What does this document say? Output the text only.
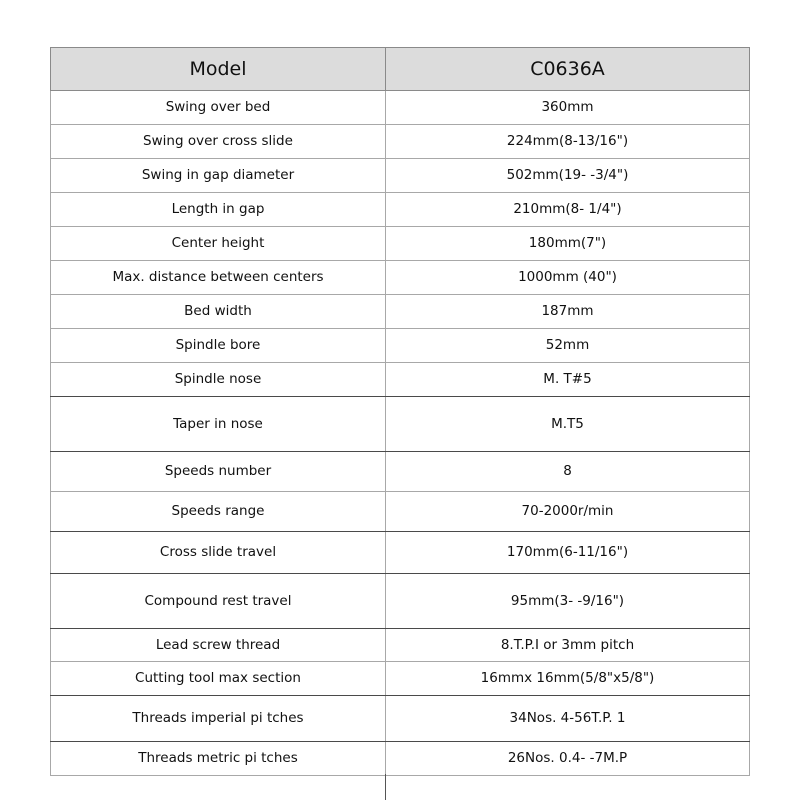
Model	C0636A
Swing over bed	360mm
Swing over cross slide	224mm(8-13/16")
Swing in gap diameter	502mm(19- -3/4")
Length in gap	210mm(8- 1/4")
Center height	180mm(7")
Max. distance between centers	1000mm (40")
Bed width	187mm
Spindle bore	52mm
Spindle nose	M. T#5
Taper in nose	M.T5
Speeds number	8
Speeds range	70-2000r/min
Cross slide travel	170mm(6-11/16")
Compound rest travel	95mm(3- -9/16")
Lead screw thread	8.T.P.I or 3mm pitch
Cutting tool max section	16mmx 16mm(5/8"x5/8")
Threads imperial pi tches	34Nos. 4-56T.P. 1
Threads metric pi tches	26Nos. 0.4- -7M.P
